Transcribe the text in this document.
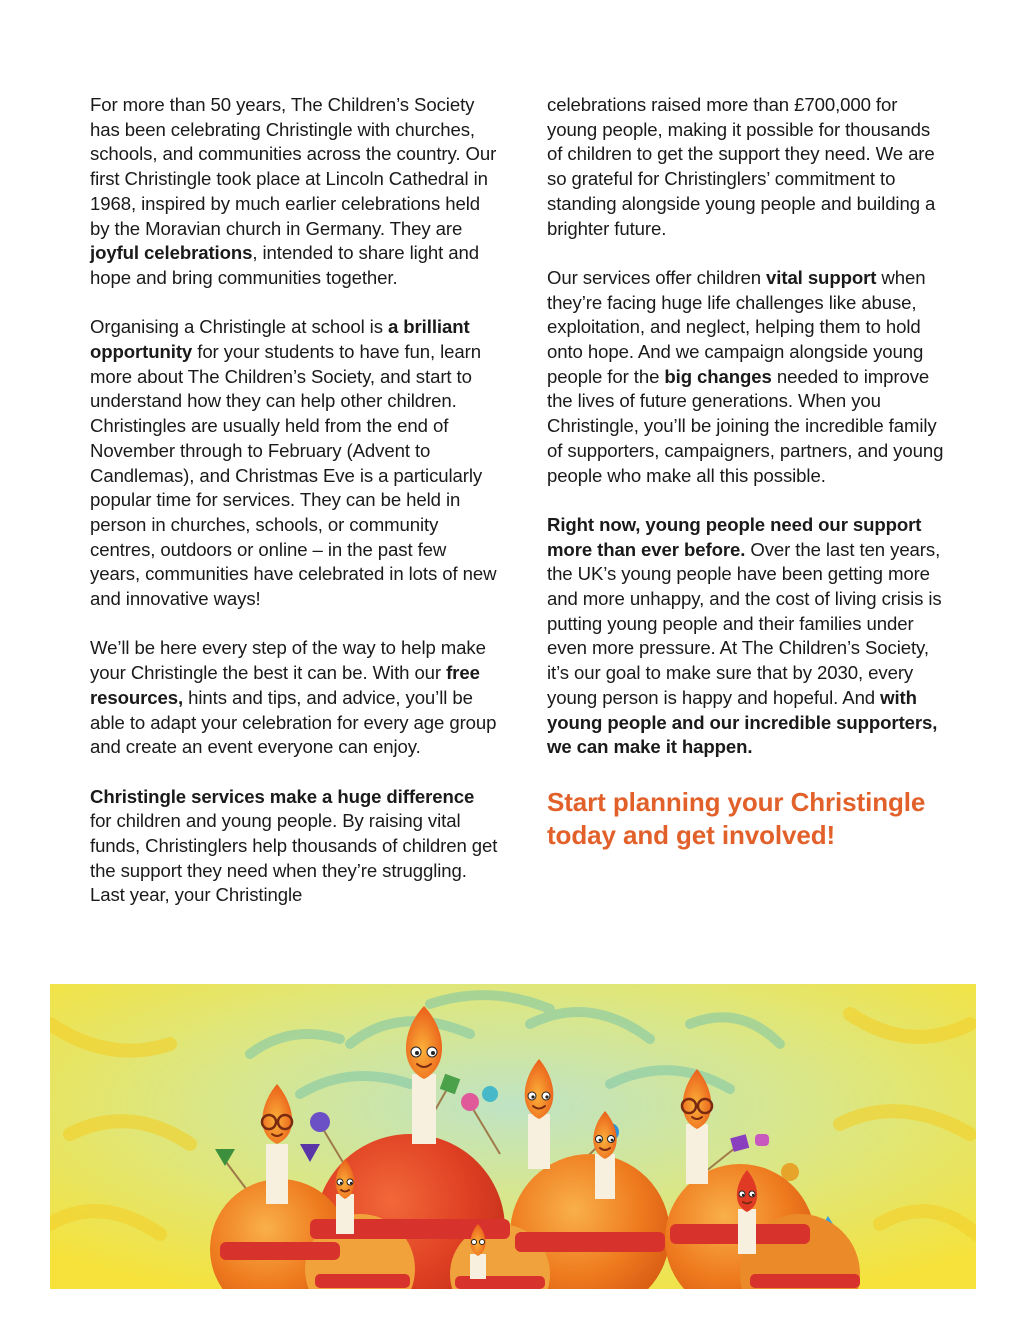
For more than 50 years, The Children’s Society has been celebrating Christingle with churches, schools, and communities across the country. Our first Christingle took place at Lincoln Cathedral in 1968, inspired by much earlier celebrations held by the Moravian church in Germany. They are joyful celebrations, intended to share light and hope and bring communities together.

Organising a Christingle at school is a brilliant opportunity for your students to have fun, learn more about The Children’s Society, and start to understand how they can help other children. Christingles are usually held from the end of November through to February (Advent to Candlemas), and Christmas Eve is a particularly popular time for services. They can be held in person in churches, schools, or community centres, outdoors or online – in the past few years, communities have celebrated in lots of new and innovative ways!

We’ll be here every step of the way to help make your Christingle the best it can be. With our free resources, hints and tips, and advice, you’ll be able to adapt your celebration for every age group and create an event everyone can enjoy.

Christingle services make a huge difference for children and young people. By raising vital funds, Christinglers help thousands of children get the support they need when they’re struggling. Last year, your Christingle

celebrations raised more than £700,000 for young people, making it possible for thousands of children to get the support they need. We are so grateful for Christinglers’ commitment to standing alongside young people and building a brighter future.

Our services offer children vital support when they’re facing huge life challenges like abuse, exploitation, and neglect, helping them to hold onto hope. And we campaign alongside young people for the big changes needed to improve the lives of future generations. When you Christingle, you’ll be joining the incredible family of supporters, campaigners, partners, and young people who make all this possible.

Right now, young people need our support more than ever before. Over the last ten years, the UK’s young people have been getting more and more unhappy, and the cost of living crisis is putting young people and their families under even more pressure. At The Children’s Society, it’s our goal to make sure that by 2030, every young person is happy and hopeful. And with young people and our incredible supporters, we can make it happen.

Start planning your Christingle today and get involved!
